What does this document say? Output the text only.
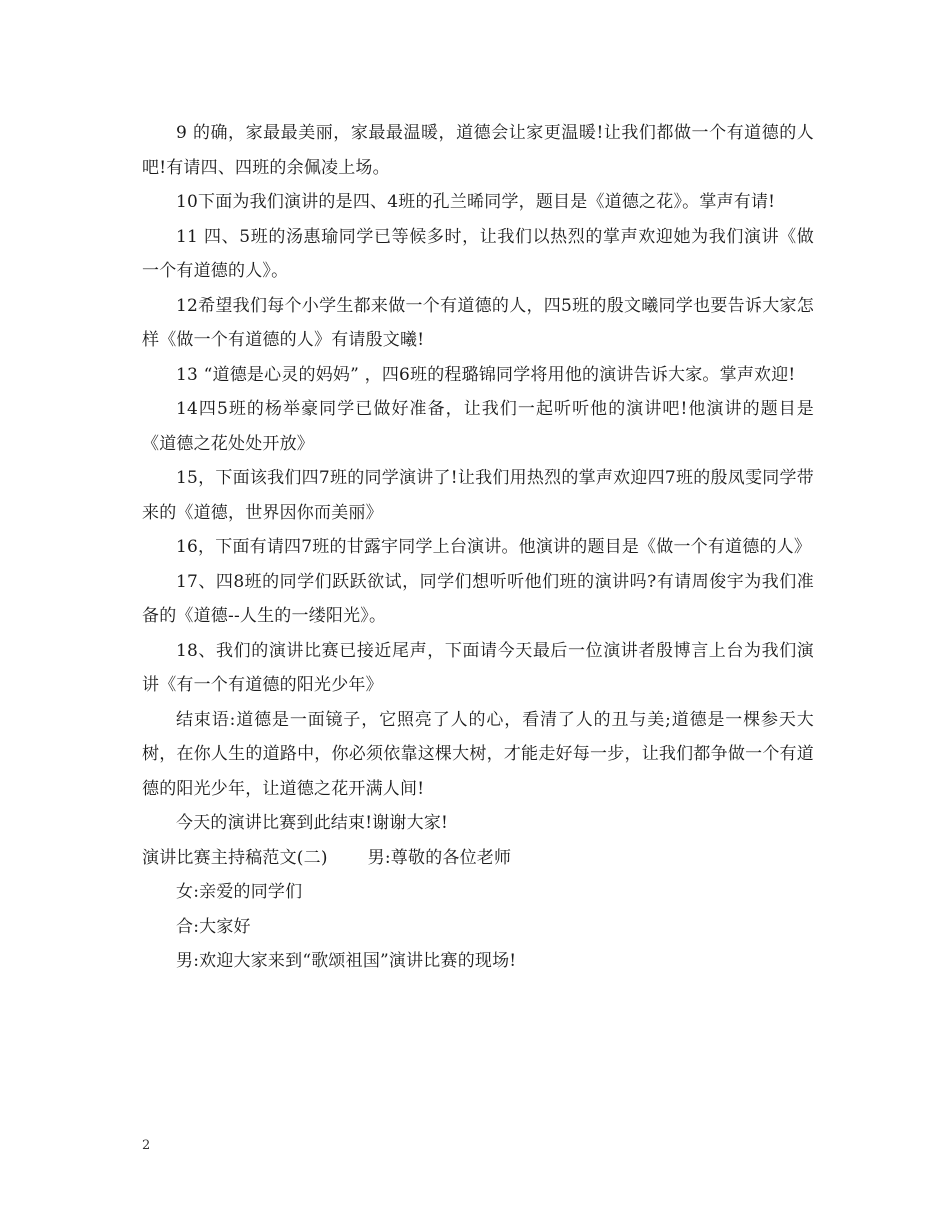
9 的确，家最最美丽，家最最温暖，道德会让家更温暖!让我们都做一个有道德的人吧!有请四、四班的余佩凌上场。

10下面为我们演讲的是四、4班的孔兰晞同学，题目是《道德之花》。掌声有请!

11 四、5班的汤惠瑜同学已等候多时，让我们以热烈的掌声欢迎她为我们演讲《做一个有道德的人》。

12希望我们每个小学生都来做一个有道德的人，四5班的殷文曦同学也要告诉大家怎样《做一个有道德的人》有请殷文曦!

13 “道德是心灵的妈妈” ，四6班的程璐锦同学将用他的演讲告诉大家。掌声欢迎!

14四5班的杨举豪同学已做好准备，让我们一起听听他的演讲吧!他演讲的题目是《道德之花处处开放》

15，下面该我们四7班的同学演讲了!让我们用热烈的掌声欢迎四7班的殷凤雯同学带来的《道德，世界因你而美丽》

16，下面有请四7班的甘露宇同学上台演讲。他演讲的题目是《做一个有道德的人》

17、四8班的同学们跃跃欲试，同学们想听听他们班的演讲吗?有请周俊宇为我们准备的《道德--人生的一缕阳光》。

18、我们的演讲比赛已接近尾声，下面请今天最后一位演讲者殷博言上台为我们演讲《有一个有道德的阳光少年》

结束语:道德是一面镜子，它照亮了人的心，看清了人的丑与美;道德是一棵参天大树，在你人生的道路中，你必须依靠这棵大树，才能走好每一步，让我们都争做一个有道德的阳光少年，让道德之花开满人间!

今天的演讲比赛到此结束!谢谢大家!

演讲比赛主持稿范文(二) 男:尊敬的各位老师

女:亲爱的同学们

合:大家好

男:欢迎大家来到“歌颂祖国”演讲比赛的现场!

2
